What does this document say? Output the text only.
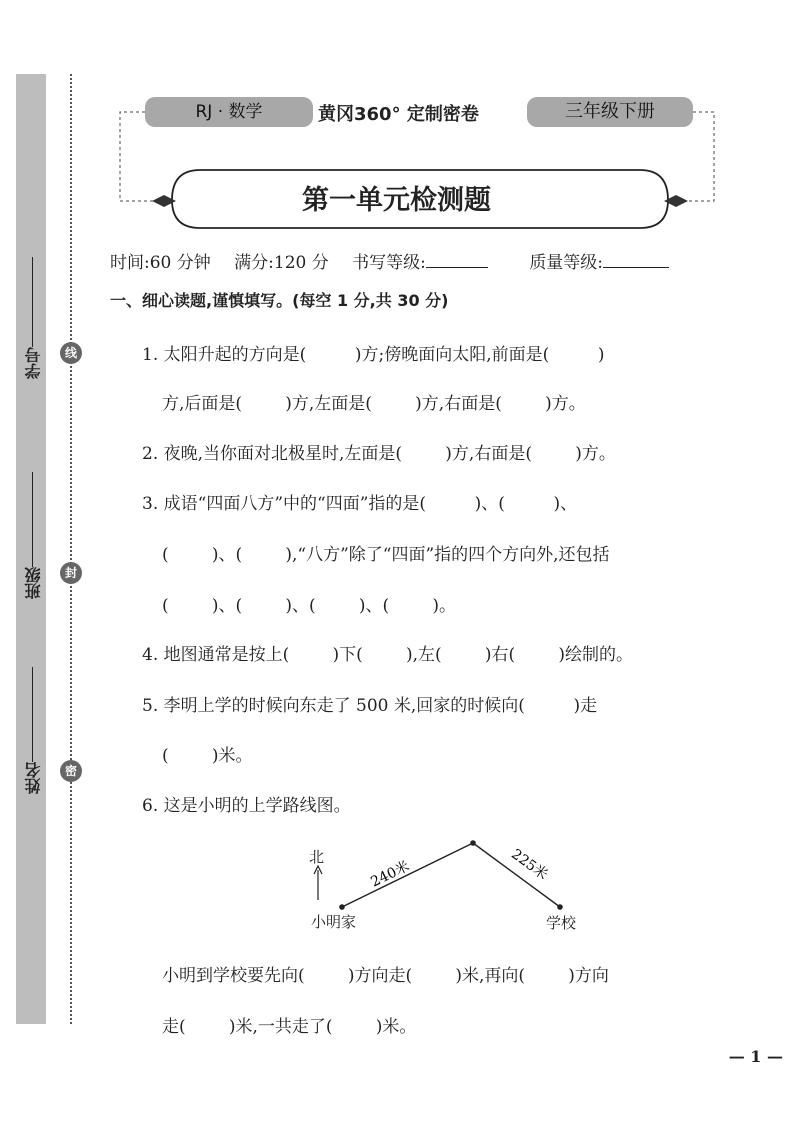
学号
班级
姓名
线
封
密
RJ · 数学	黄冈360° 定制密卷	三年级下册
第一单元检测题
时间:60 分钟 满分:120 分 书写等级:	质量等级:
一、细心读题,谨慎填写。(每空 1 分,共 30 分)
1. 太阳升起的方向是(         )方;傍晚面向太阳,前面是(         )
方,后面是(        )方,左面是(        )方,右面是(        )方。
2. 夜晚,当你面对北极星时,左面是(        )方,右面是(        )方。
3. 成语“四面八方”中的“四面”指的是(         )、(         )、
(        )、(        ),“八方”除了“四面”指的四个方向外,还包括
(        )、(        )、(        )、(        )。
4. 地图通常是按上(        )下(        ),左(        )右(        )绘制的。
5. 李明上学的时候向东走了 500 米,回家的时候向(         )走
(        )米。
6. 这是小明的上学路线图。
240米	225米
北
小明家	学校
小明到学校要先向(        )方向走(        )米,再向(        )方向
走(        )米,一共走了(        )米。
— 1 —
